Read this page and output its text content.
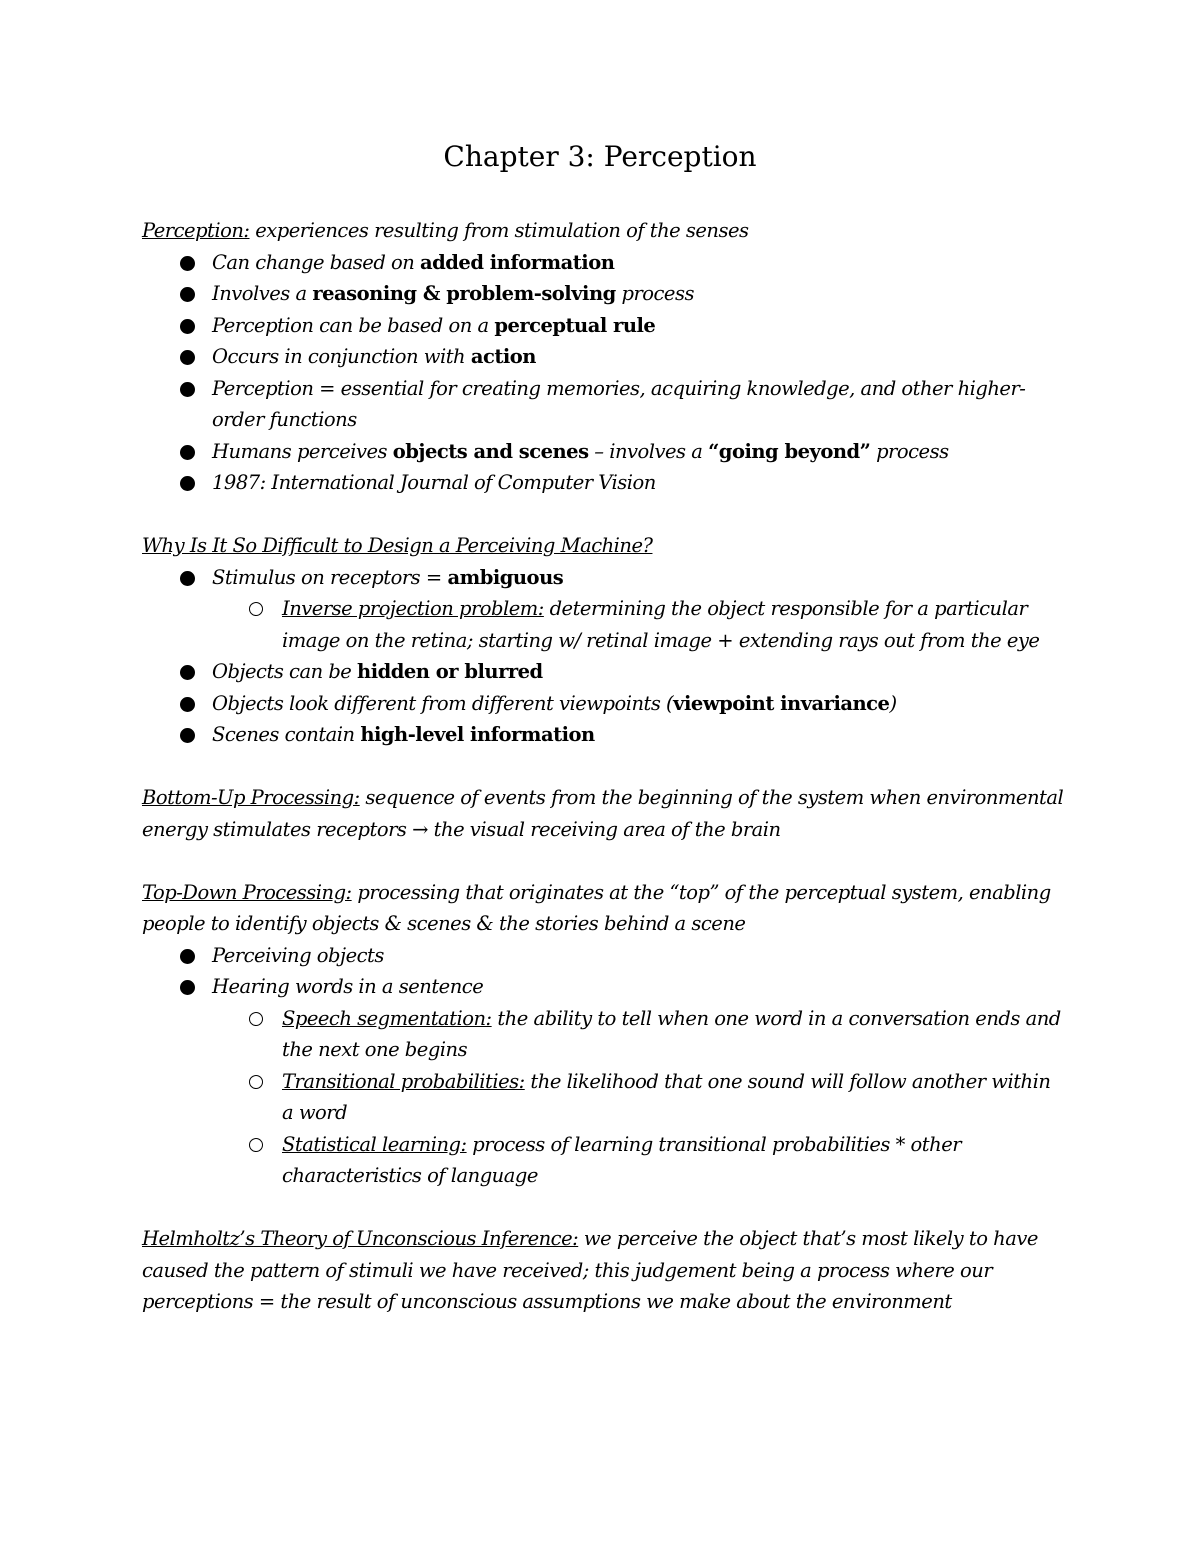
Chapter 3: Perception

Perception: experiences resulting from stimulation of the senses

Can change based on added information
Involves a reasoning & problem-solving process
Perception can be based on a perceptual rule
Occurs in conjunction with action
Perception = essential for creating memories, acquiring knowledge, and other higher-order functions
Humans perceives objects and scenes – involves a “going beyond” process
1987: International Journal of Computer Vision

Why Is It So Difficult to Design a Perceiving Machine?

Stimulus on receptors = ambiguous
Inverse projection problem: determining the object responsible for a particular image on the retina; starting w/ retinal image + extending rays out from the eye
Objects can be hidden or blurred
Objects look different from different viewpoints (viewpoint invariance)
Scenes contain high-level information

Bottom-Up Processing: sequence of events from the beginning of the system when environmental energy stimulates receptors → the visual receiving area of the brain

Top-Down Processing: processing that originates at the “top” of the perceptual system, enabling people to identify objects & scenes & the stories behind a scene

Perceiving objects
Hearing words in a sentence
Speech segmentation: the ability to tell when one word in a conversation ends and the next one begins
Transitional probabilities: the likelihood that one sound will follow another within a word
Statistical learning: process of learning transitional probabilities * other characteristics of language

Helmholtz’s Theory of Unconscious Inference: we perceive the object that’s most likely to have caused the pattern of stimuli we have received; this judgement being a process where our perceptions = the result of unconscious assumptions we make about the environment
